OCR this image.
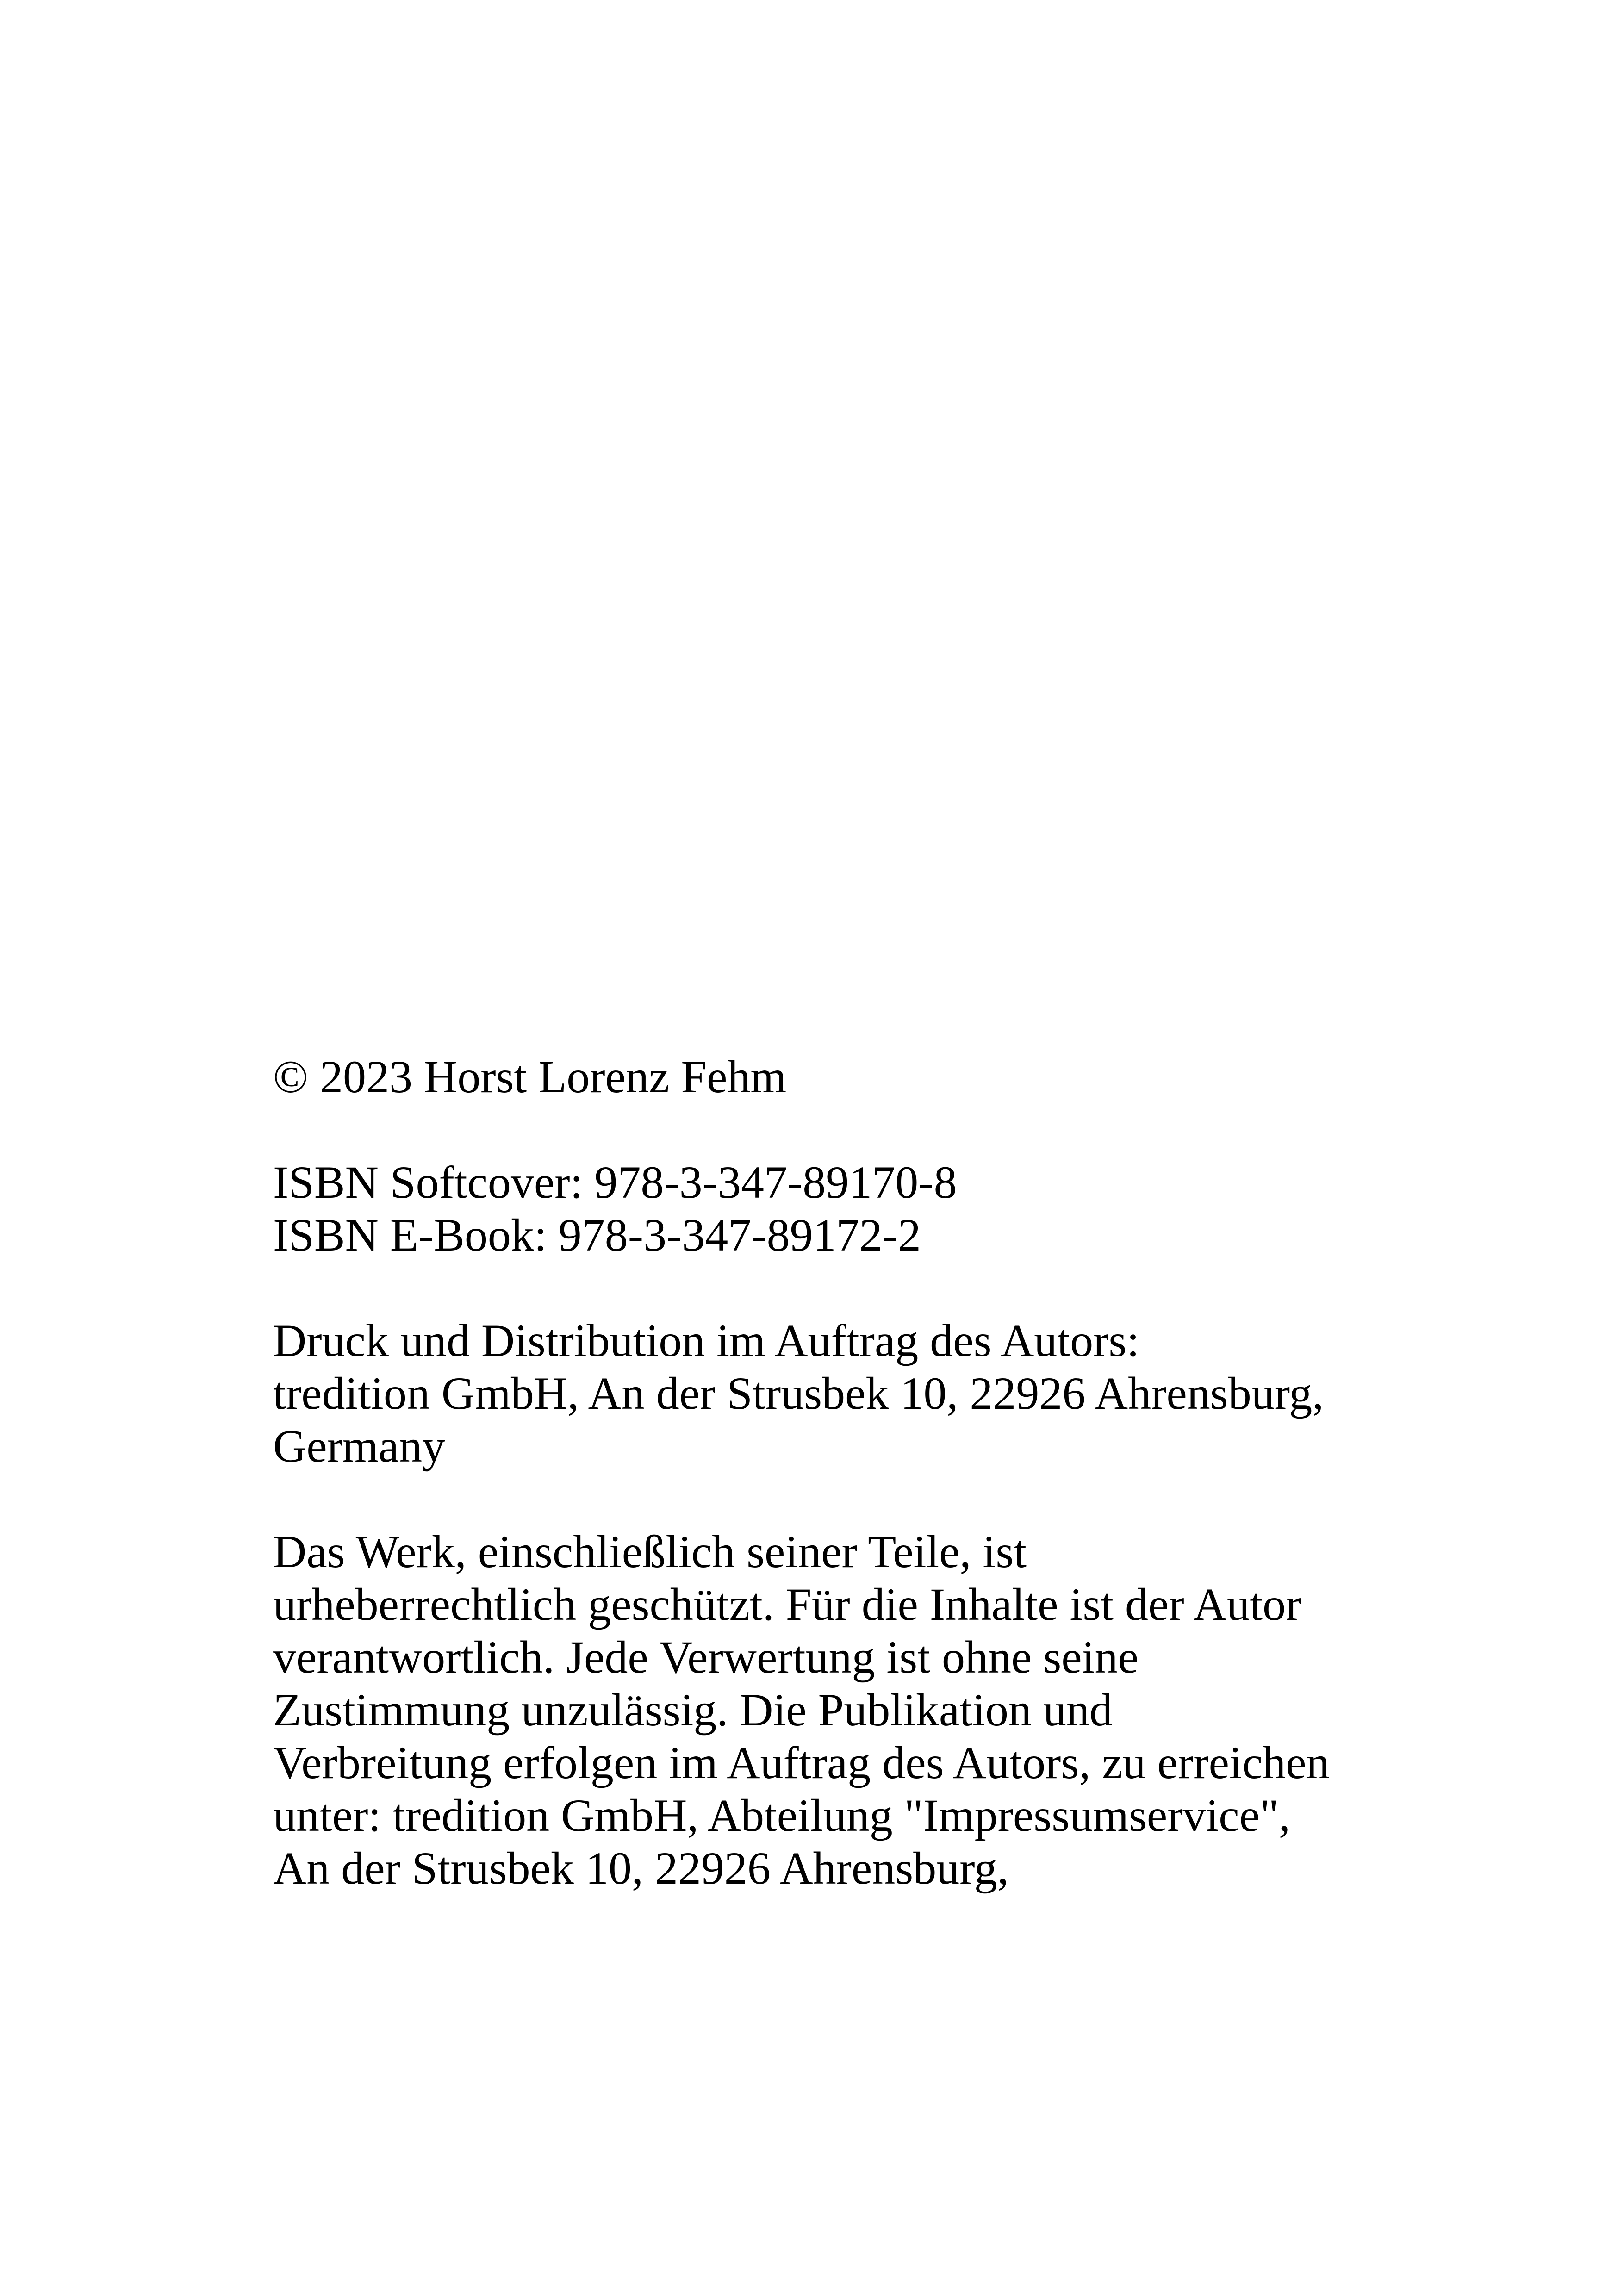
© 2023 Horst Lorenz Fehm
ISBN Softcover: 978-3-347-89170-8
ISBN E-Book: 978-3-347-89172-2
Druck und Distribution im Auftrag des Autors:
tredition GmbH, An der Strusbek 10, 22926 Ahrensburg,
Germany
Das Werk, einschließlich seiner Teile, ist
urheberrechtlich geschützt. Für die Inhalte ist der Autor
verantwortlich. Jede Verwertung ist ohne seine
Zustimmung unzulässig. Die Publikation und
Verbreitung erfolgen im Auftrag des Autors, zu erreichen
unter: tredition GmbH, Abteilung "Impressumservice",
An der Strusbek 10, 22926 Ahrensburg,
